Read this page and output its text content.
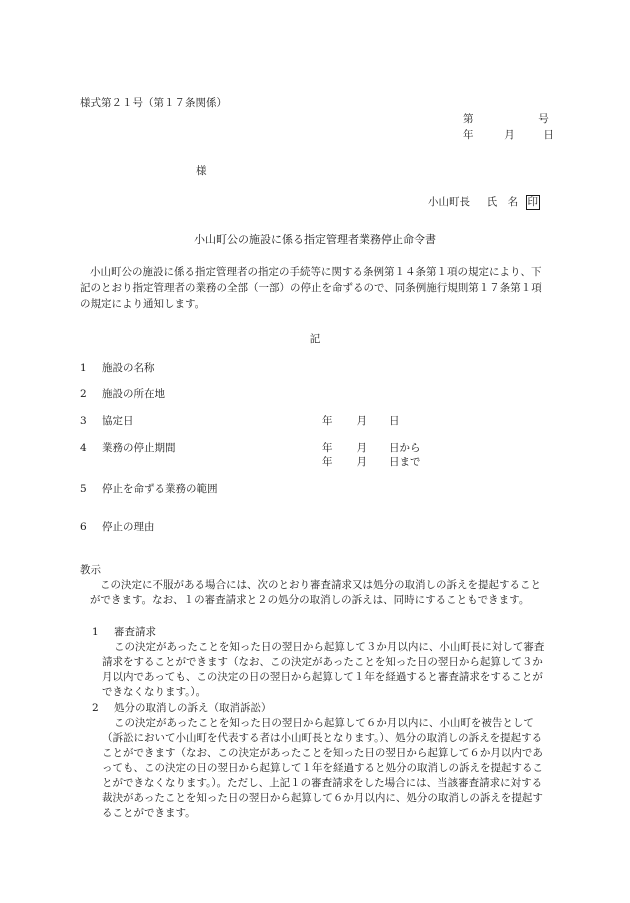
様式第２１号（第１７条関係）
第	号
年	月	日
様
小山町長 氏　名 印
小山町公の施設に係る指定管理者業務停止命令書
小山町公の施設に係る指定管理者の指定の手続等に関する条例第１４条第１項の規定により、下記のとおり指定管理者の業務の全部（一部）の停止を命ずるので、同条例施行規則第１７条第１項の規定により通知します。
記
1 施設の名称
2 施設の所在地
3 協定日	年 月 日
4 業務の停止期間	年 月 日から
年 月 日まで
5 停止を命ずる業務の範囲
6 停止の理由
教示
この決定に不服がある場合には、次のとおり審査請求又は処分の取消しの訴えを提起することができます。なお、１の審査請求と２の処分の取消しの訴えは、同時にすることもできます。
1 審査請求
この決定があったことを知った日の翌日から起算して３か月以内に、小山町長に対して審査請求をすることができます（なお、この決定があったことを知った日の翌日から起算して３か月以内であっても、この決定の日の翌日から起算して１年を経過すると審査請求をすることができなくなります。）。
2 処分の取消しの訴え（取消訴訟）
この決定があったことを知った日の翌日から起算して６か月以内に、小山町を被告として（訴訟において小山町を代表する者は小山町長となります。）、処分の取消しの訴えを提起することができます（なお、この決定があったことを知った日の翌日から起算して６か月以内であっても、この決定の日の翌日から起算して１年を経過すると処分の取消しの訴えを提起することができなくなります。）。ただし、上記１の審査請求をした場合には、当該審査請求に対する裁決があったことを知った日の翌日から起算して６か月以内に、処分の取消しの訴えを提起することができます。
